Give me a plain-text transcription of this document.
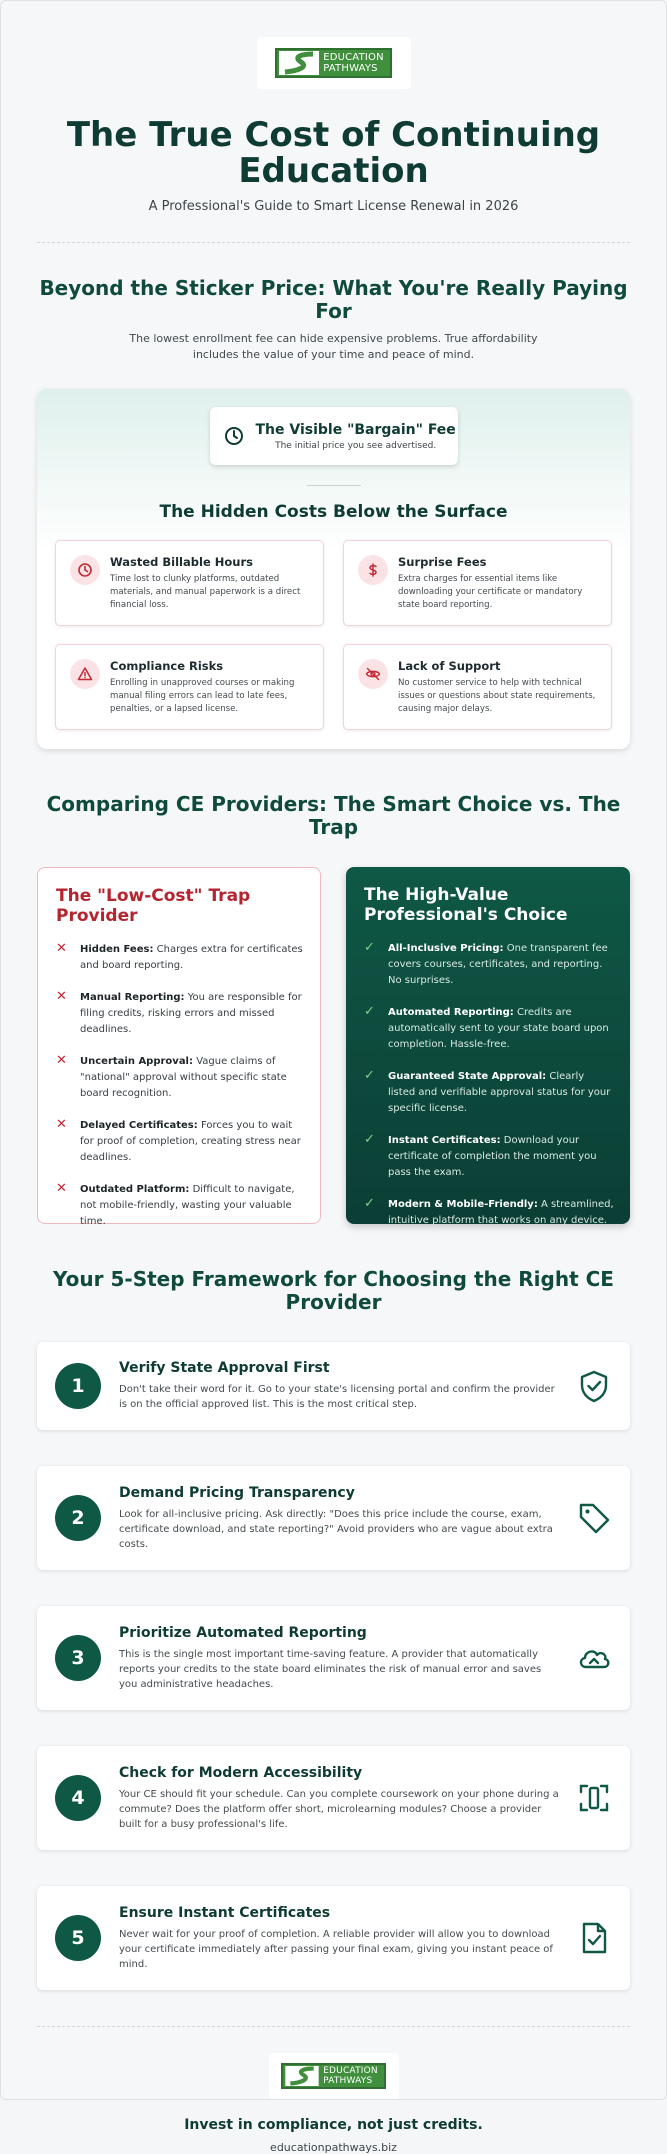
EDUCATION
PATHWAYS
The True Cost of Continuing Education

A Professional's Guide to Smart License Renewal in 2026

Beyond the Sticker Price: What You're Really Paying For

The lowest enrollment fee can hide expensive problems. True affordability includes the value of your time and peace of mind.

The Visible "Bargain" Fee
The initial price you see advertised.
The Hidden Costs Below the Surface
Wasted Billable Hours
Time lost to clunky platforms, outdated materials, and manual paperwork is a direct financial loss.
Surprise Fees
Extra charges for essential items like downloading your certificate or mandatory state board reporting.
Compliance Risks
Enrolling in unapproved courses or making manual filing errors can lead to late fees, penalties, or a lapsed license.
Lack of Support
No customer service to help with technical issues or questions about state requirements, causing major delays.
Comparing CE Providers: The Smart Choice vs. The Trap
The "Low-Cost" Trap Provider
✕	Hidden Fees: Charges extra for certificates and board reporting.
✕	Manual Reporting: You are responsible for filing credits, risking errors and missed deadlines.
✕	Uncertain Approval: Vague claims of "national" approval without specific state board recognition.
✕	Delayed Certificates: Forces you to wait for proof of completion, creating stress near deadlines.
✕	Outdated Platform: Difficult to navigate, not mobile-friendly, wasting your valuable time.
The High-Value Professional's Choice
✓	All-Inclusive Pricing: One transparent fee covers courses, certificates, and reporting. No surprises.
✓	Automated Reporting: Credits are automatically sent to your state board upon completion. Hassle-free.
✓	Guaranteed State Approval: Clearly listed and verifiable approval status for your specific license.
✓	Instant Certificates: Download your certificate of completion the moment you pass the exam.
✓	Modern & Mobile-Friendly: A streamlined, intuitive platform that works on any device.
Your 5-Step Framework for Choosing the Right CE Provider
1
Verify State Approval First
Don't take their word for it. Go to your state's licensing portal and confirm the provider is on the official approved list. This is the most critical step.
2
Demand Pricing Transparency
Look for all-inclusive pricing. Ask directly: "Does this price include the course, exam, certificate download, and state reporting?" Avoid providers who are vague about extra costs.
3
Prioritize Automated Reporting
This is the single most important time-saving feature. A provider that automatically reports your credits to the state board eliminates the risk of manual error and saves you administrative headaches.
4
Check for Modern Accessibility
Your CE should fit your schedule. Can you complete coursework on your phone during a commute? Does the platform offer short, microlearning modules? Choose a provider built for a busy professional's life.
5
Ensure Instant Certificates
Never wait for your proof of completion. A reliable provider will allow you to download your certificate immediately after passing your final exam, giving you instant peace of mind.
EDUCATION
PATHWAYS
Invest in compliance, not just credits.
educationpathways.biz
